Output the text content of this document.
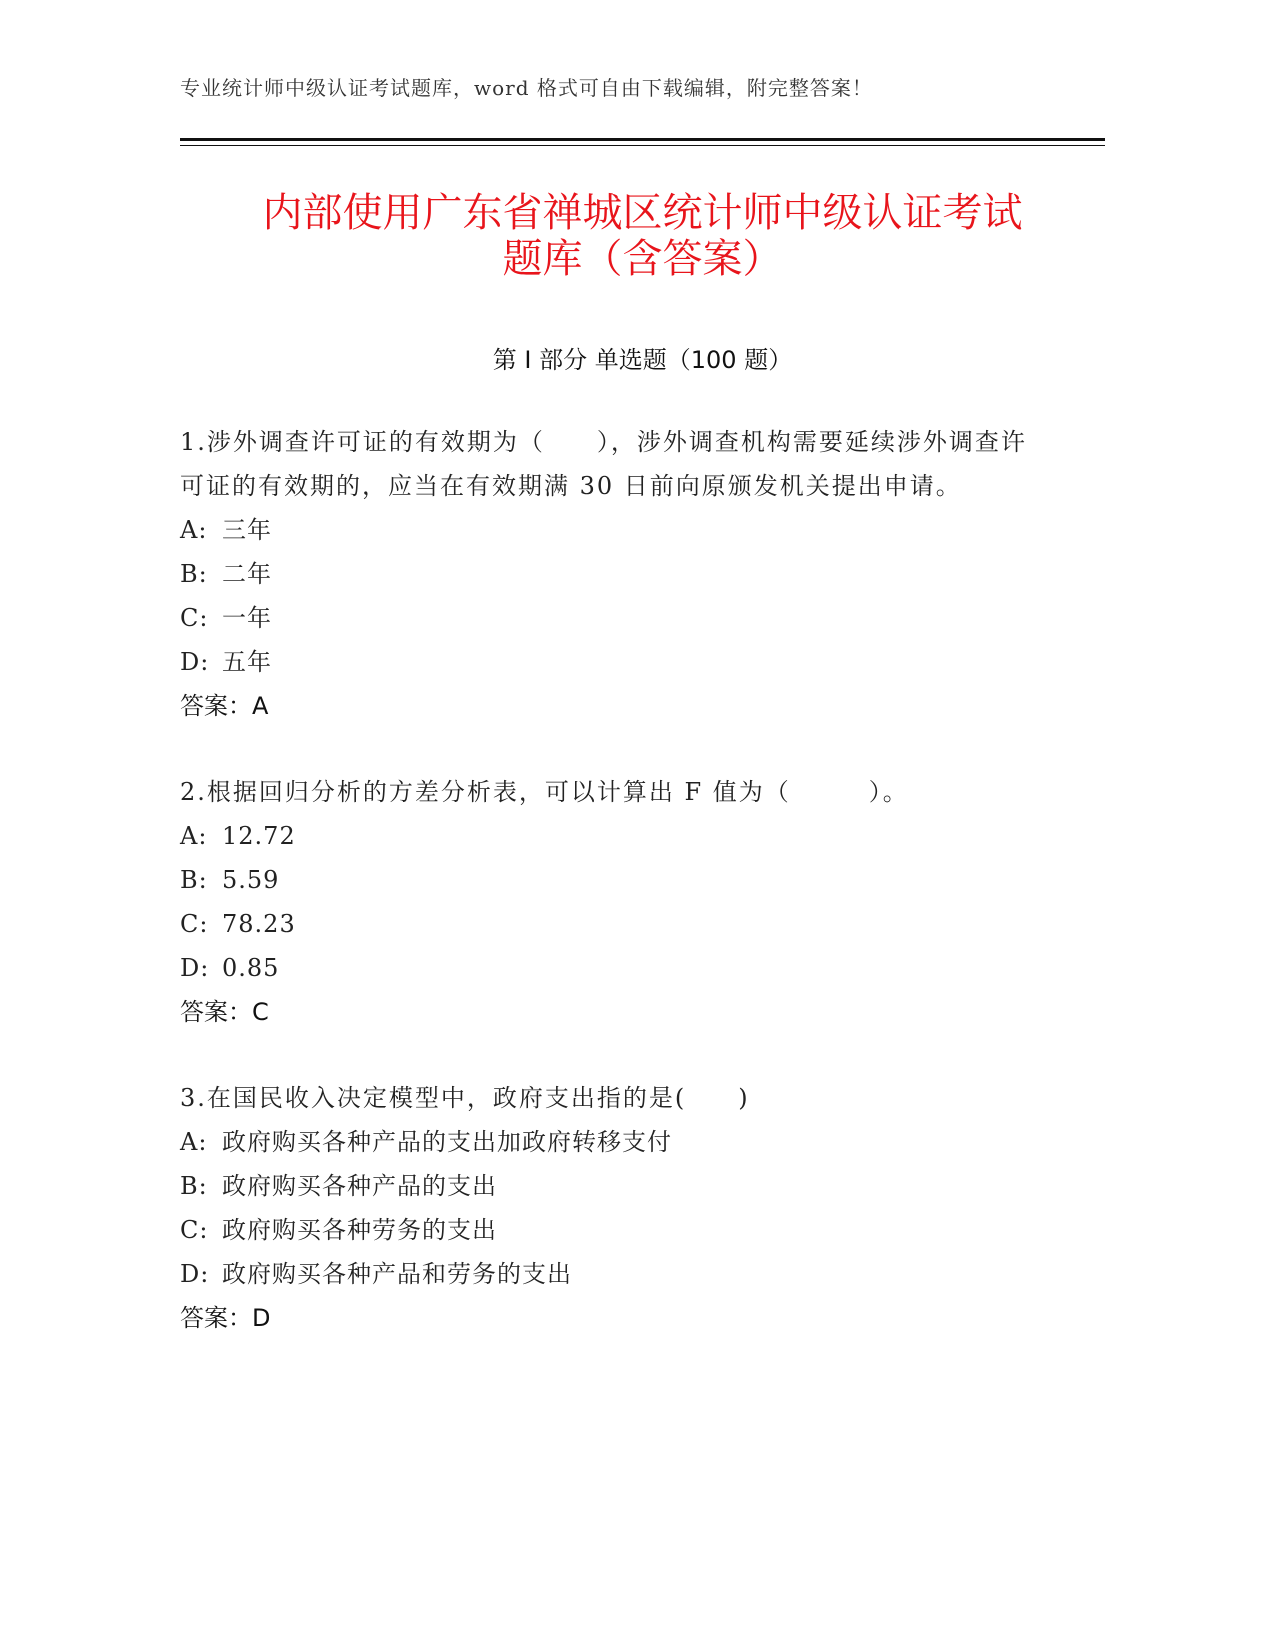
专业统计师中级认证考试题库，word 格式可自由下载编辑，附完整答案！
内部使用广东省禅城区统计师中级认证考试
题库（含答案）
第 I 部分 单选题（100 题）
1.涉外调查许可证的有效期为（　　），涉外调查机构需要延续涉外调查许可证的有效期的，应当在有效期满 30 日前向原颁发机关提出申请。
A: 三年
B: 二年
C: 一年
D: 五年
答案：A
2.根据回归分析的方差分析表，可以计算出 F 值为（　　　）。
A: 12.72
B: 5.59
C: 78.23
D: 0.85
答案：C
3.在国民收入决定模型中，政府支出指的是(　　)
A: 政府购买各种产品的支出加政府转移支付
B: 政府购买各种产品的支出
C: 政府购买各种劳务的支出
D: 政府购买各种产品和劳务的支出
答案：D
